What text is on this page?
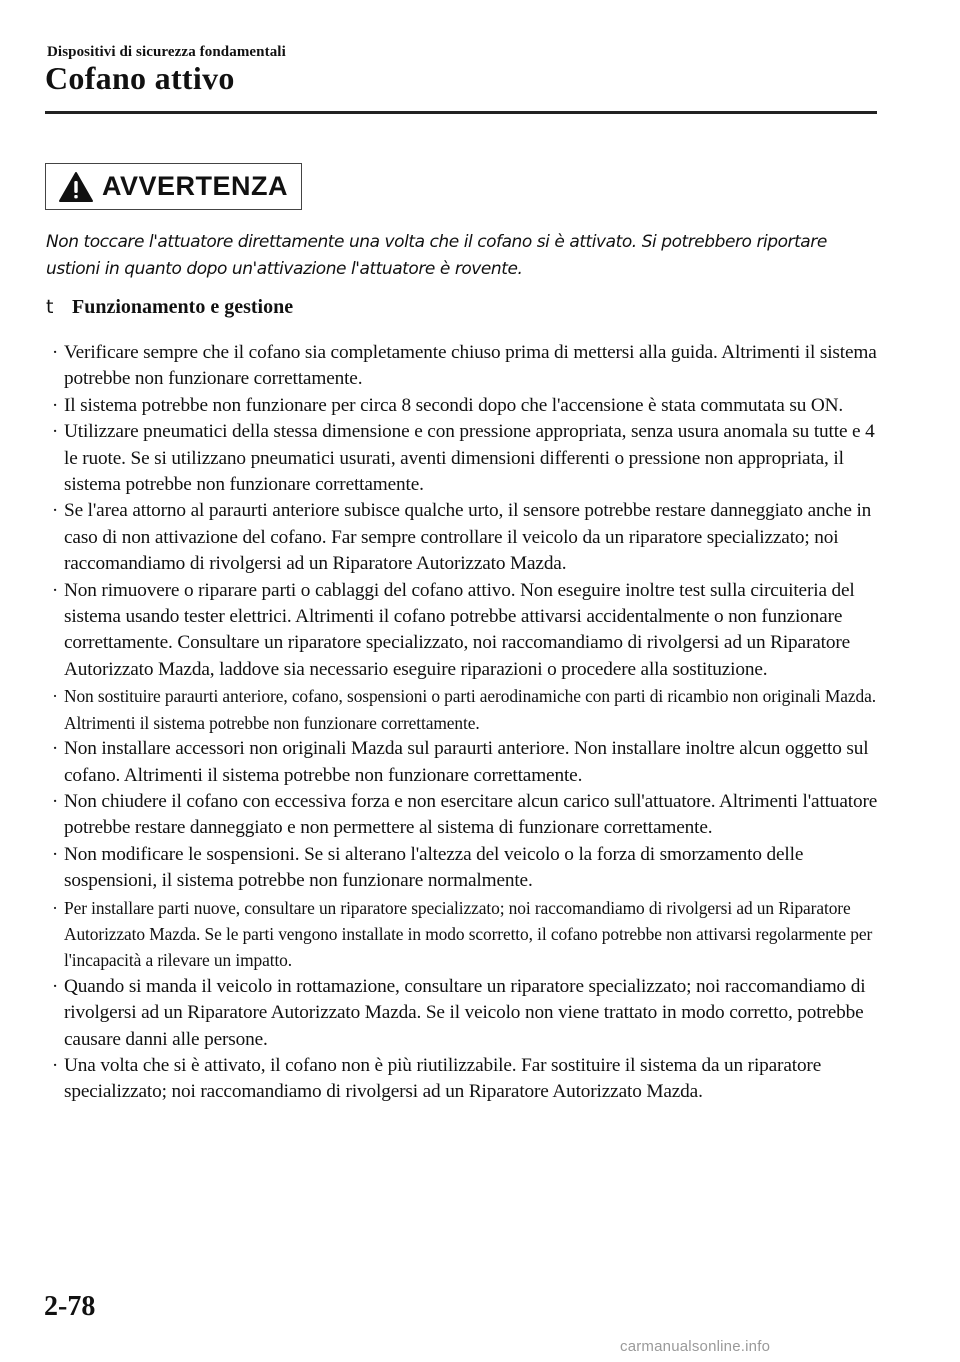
Dispositivi di sicurezza fondamentali
Cofano attivo
AVVERTENZA
Non toccare l'attuatore direttamente una volta che il cofano si è attivato. Si potrebbero riportare ustioni in quanto dopo un'attivazione l'attuatore è rovente.
t Funzionamento e gestione
· Verificare sempre che il cofano sia completamente chiuso prima di mettersi alla guida. Altrimenti il sistema potrebbe non funzionare correttamente.
· Il sistema potrebbe non funzionare per circa 8 secondi dopo che l'accensione è stata commutata su ON.
· Utilizzare pneumatici della stessa dimensione e con pressione appropriata, senza usura anomala su tutte e 4 le ruote. Se si utilizzano pneumatici usurati, aventi dimensioni differenti o pressione non appropriata, il sistema potrebbe non funzionare correttamente.
· Se l'area attorno al paraurti anteriore subisce qualche urto, il sensore potrebbe restare danneggiato anche in caso di non attivazione del cofano. Far sempre controllare il veicolo da un riparatore specializzato; noi raccomandiamo di rivolgersi ad un Riparatore Autorizzato Mazda.
· Non rimuovere o riparare parti o cablaggi del cofano attivo. Non eseguire inoltre test sulla circuiteria del sistema usando tester elettrici. Altrimenti il cofano potrebbe attivarsi accidentalmente o non funzionare correttamente. Consultare un riparatore specializzato, noi raccomandiamo di rivolgersi ad un Riparatore Autorizzato Mazda, laddove sia necessario eseguire riparazioni o procedere alla sostituzione.
· Non sostituire paraurti anteriore, cofano, sospensioni o parti aerodinamiche con parti di ricambio non originali Mazda. Altrimenti il sistema potrebbe non funzionare correttamente.
· Non installare accessori non originali Mazda sul paraurti anteriore. Non installare inoltre alcun oggetto sul cofano. Altrimenti il sistema potrebbe non funzionare correttamente.
· Non chiudere il cofano con eccessiva forza e non esercitare alcun carico sull'attuatore. Altrimenti l'attuatore potrebbe restare danneggiato e non permettere al sistema di funzionare correttamente.
· Non modificare le sospensioni. Se si alterano l'altezza del veicolo o la forza di smorzamento delle sospensioni, il sistema potrebbe non funzionare normalmente.
· Per installare parti nuove, consultare un riparatore specializzato; noi raccomandiamo di rivolgersi ad un Riparatore Autorizzato Mazda. Se le parti vengono installate in modo scorretto, il cofano potrebbe non attivarsi regolarmente per l'incapacità a rilevare un impatto.
· Quando si manda il veicolo in rottamazione, consultare un riparatore specializzato; noi raccomandiamo di rivolgersi ad un Riparatore Autorizzato Mazda. Se il veicolo non viene trattato in modo corretto, potrebbe causare danni alle persone.
· Una volta che si è attivato, il cofano non è più riutilizzabile. Far sostituire il sistema da un riparatore specializzato; noi raccomandiamo di rivolgersi ad un Riparatore Autorizzato Mazda.
2-78
carmanualsonline.info
